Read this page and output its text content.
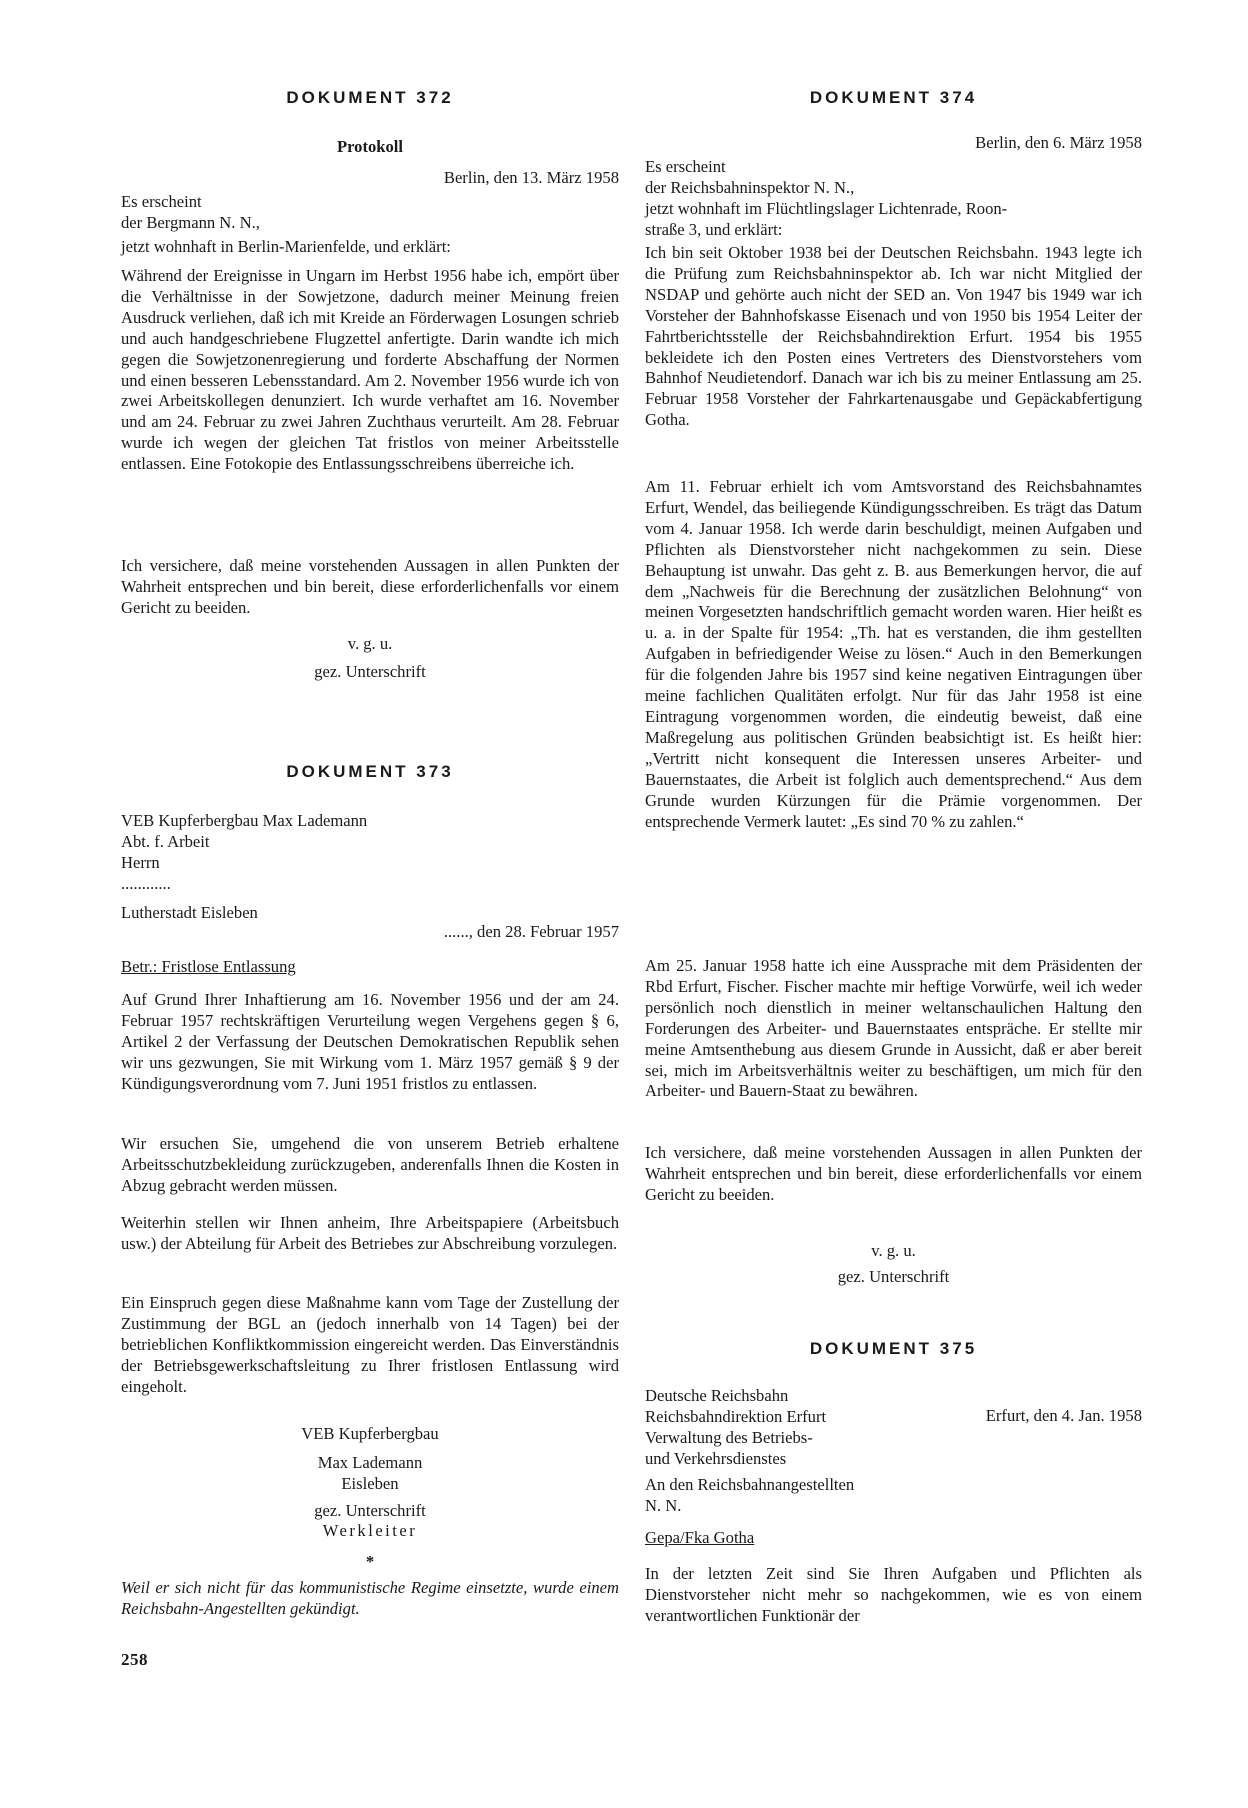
DOKUMENT 372
Protokoll
Berlin, den 13. März 1958
Es erscheint
der Bergmann N. N.,
jetzt wohnhaft in Berlin-Marienfelde, und erklärt:
Während der Ereignisse in Ungarn im Herbst 1956 habe ich, empört über die Verhältnisse in der Sowjetzone, dadurch meiner Meinung freien Ausdruck verliehen, daß ich mit Kreide an Förderwagen Losungen schrieb und auch handgeschriebene Flugzettel anfertigte. Darin wandte ich mich gegen die Sowjetzonenregierung und forderte Abschaffung der Normen und einen besseren Lebensstandard. Am 2. November 1956 wurde ich von zwei Arbeitskollegen denunziert. Ich wurde verhaftet am 16. November und am 24. Februar zu zwei Jahren Zuchthaus verurteilt. Am 28. Februar wurde ich wegen der gleichen Tat fristlos von meiner Arbeitsstelle entlassen. Eine Fotokopie des Entlassungsschreibens überreiche ich.
Ich versichere, daß meine vorstehenden Aussagen in allen Punkten der Wahrheit entsprechen und bin bereit, diese erforderlichenfalls vor einem Gericht zu beeiden.
v. g. u.
gez. Unterschrift
DOKUMENT 373
VEB Kupferbergbau Max Lademann
Abt. f. Arbeit
Herrn
............
Lutherstadt Eisleben
......, den 28. Februar 1957
Betr.: Fristlose Entlassung
Auf Grund Ihrer Inhaftierung am 16. November 1956 und der am 24. Februar 1957 rechtskräftigen Verurteilung wegen Vergehens gegen § 6, Artikel 2 der Verfassung der Deutschen Demokratischen Republik sehen wir uns gezwungen, Sie mit Wirkung vom 1. März 1957 gemäß § 9 der Kündigungsverordnung vom 7. Juni 1951 fristlos zu entlassen.
Wir ersuchen Sie, umgehend die von unserem Betrieb erhaltene Arbeitsschutzbekleidung zurückzugeben, anderenfalls Ihnen die Kosten in Abzug gebracht werden müssen.
Weiterhin stellen wir Ihnen anheim, Ihre Arbeitspapiere (Arbeitsbuch usw.) der Abteilung für Arbeit des Betriebes zur Abschreibung vorzulegen.
Ein Einspruch gegen diese Maßnahme kann vom Tage der Zustellung der Zustimmung der BGL an (jedoch innerhalb von 14 Tagen) bei der betrieblichen Konfliktkommission eingereicht werden. Das Einverständnis der Betriebsgewerkschaftsleitung zu Ihrer fristlosen Entlassung wird eingeholt.
VEB Kupferbergbau
Max Lademann
Eisleben
gez. Unterschrift
Werkleiter
*
Weil er sich nicht für das kommunistische Regime einsetzte, wurde einem Reichsbahn-Angestellten gekündigt.
258
DOKUMENT 374
Berlin, den 6. März 1958
Es erscheint
der Reichsbahninspektor N. N.,
jetzt wohnhaft im Flüchtlingslager Lichtenrade, Roon-
straße 3, und erklärt:
Ich bin seit Oktober 1938 bei der Deutschen Reichsbahn. 1943 legte ich die Prüfung zum Reichsbahninspektor ab. Ich war nicht Mitglied der NSDAP und gehörte auch nicht der SED an. Von 1947 bis 1949 war ich Vorsteher der Bahnhofskasse Eisenach und von 1950 bis 1954 Leiter der Fahrtberichtsstelle der Reichsbahndirektion Erfurt. 1954 bis 1955 bekleidete ich den Posten eines Vertreters des Dienstvorstehers vom Bahnhof Neudietendorf. Danach war ich bis zu meiner Entlassung am 25. Februar 1958 Vorsteher der Fahrkartenausgabe und Gepäckabfertigung Gotha.
Am 11. Februar erhielt ich vom Amtsvorstand des Reichsbahnamtes Erfurt, Wendel, das beiliegende Kündigungsschreiben. Es trägt das Datum vom 4. Januar 1958. Ich werde darin beschuldigt, meinen Aufgaben und Pflichten als Dienstvorsteher nicht nachgekommen zu sein. Diese Behauptung ist unwahr. Das geht z. B. aus Bemerkungen hervor, die auf dem „Nachweis für die Berechnung der zusätzlichen Belohnung“ von meinen Vorgesetzten handschriftlich gemacht worden waren. Hier heißt es u. a. in der Spalte für 1954: „Th. hat es verstanden, die ihm gestellten Aufgaben in befriedigender Weise zu lösen.“ Auch in den Bemerkungen für die folgenden Jahre bis 1957 sind keine negativen Eintragungen über meine fachlichen Qualitäten erfolgt. Nur für das Jahr 1958 ist eine Eintragung vorgenommen worden, die eindeutig beweist, daß eine Maßregelung aus politischen Gründen beabsichtigt ist. Es heißt hier: „Vertritt nicht konsequent die Interessen unseres Arbeiter- und Bauernstaates, die Arbeit ist folglich auch dementsprechend.“ Aus dem Grunde wurden Kürzungen für die Prämie vorgenommen. Der entsprechende Vermerk lautet: „Es sind 70 % zu zahlen.“
Am 25. Januar 1958 hatte ich eine Aussprache mit dem Präsidenten der Rbd Erfurt, Fischer. Fischer machte mir heftige Vorwürfe, weil ich weder persönlich noch dienstlich in meiner weltanschaulichen Haltung den Forderungen des Arbeiter- und Bauernstaates entspräche. Er stellte mir meine Amtsenthebung aus diesem Grunde in Aussicht, daß er aber bereit sei, mich im Arbeitsverhältnis weiter zu beschäftigen, um mich für den Arbeiter- und Bauern-Staat zu bewähren.
Ich versichere, daß meine vorstehenden Aussagen in allen Punkten der Wahrheit entsprechen und bin bereit, diese erforderlichenfalls vor einem Gericht zu beeiden.
v. g. u.
gez. Unterschrift
DOKUMENT 375
Deutsche Reichsbahn
Reichsbahndirektion Erfurt
Verwaltung des Betriebs-
und Verkehrsdienstes
Erfurt, den 4. Jan. 1958
An den Reichsbahnangestellten
N. N.
Gepa/Fka Gotha
In der letzten Zeit sind Sie Ihren Aufgaben und Pflichten als Dienstvorsteher nicht mehr so nachgekommen, wie es von einem verantwortlichen Funktionär der
